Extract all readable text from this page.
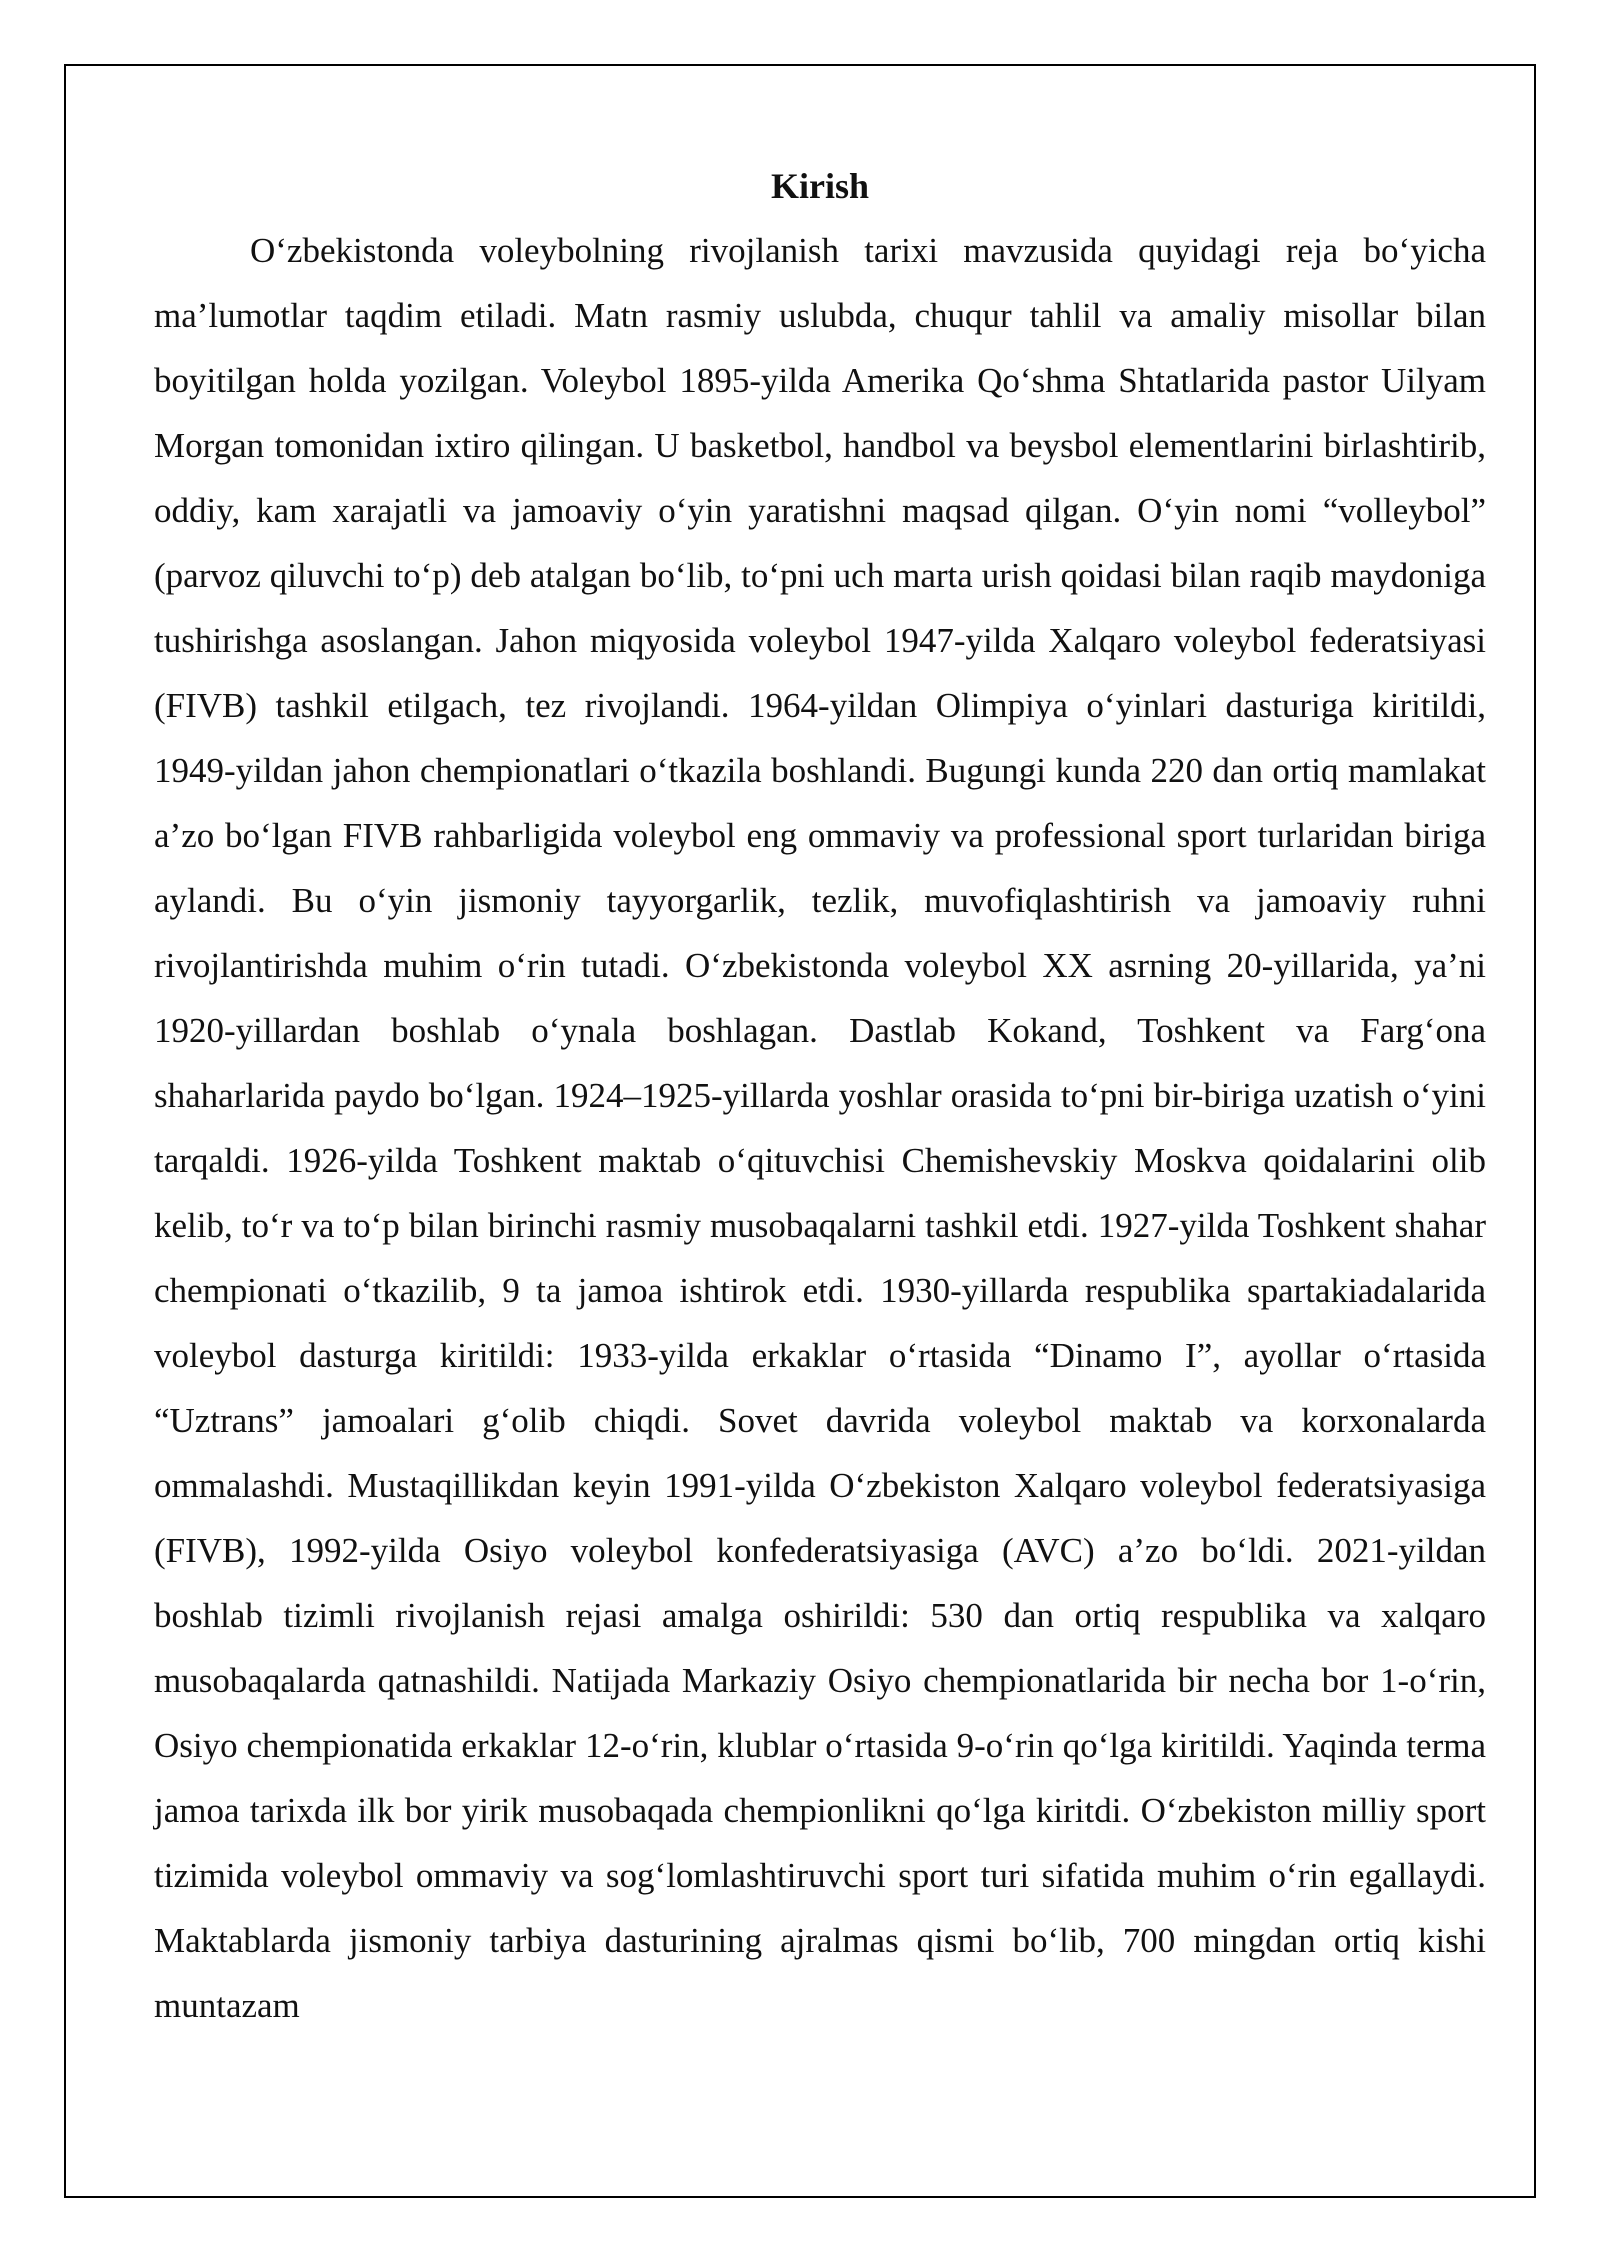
Kirish

O‘zbekistonda voleybolning rivojlanish tarixi mavzusida quyidagi reja bo‘yicha ma’lumotlar taqdim etiladi. Matn rasmiy uslubda, chuqur tahlil va amaliy misollar bilan boyitilgan holda yozilgan. Voleybol 1895-yilda Amerika Qo‘shma Shtatlarida pastor Uilyam Morgan tomonidan ixtiro qilingan. U basketbol, handbol va beysbol elementlarini birlashtirib, oddiy, kam xarajatli va jamoaviy o‘yin yaratishni maqsad qilgan. O‘yin nomi “volleybol” (parvoz qiluvchi to‘p) deb atalgan bo‘lib, to‘pni uch marta urish qoidasi bilan raqib maydoniga tushirishga asoslangan. Jahon miqyosida voleybol 1947-yilda Xalqaro voleybol federatsiyasi (FIVB) tashkil etilgach, tez rivojlandi. 1964-yildan Olimpiya o‘yinlari dasturiga kiritildi, 1949-yildan jahon chempionatlari o‘tkazila boshlandi. Bugungi kunda 220 dan ortiq mamlakat a’zo bo‘lgan FIVB rahbarligida voleybol eng ommaviy va professional sport turlaridan biriga aylandi. Bu o‘yin jismoniy tayyorgarlik, tezlik, muvofiqlashtirish va jamoaviy ruhni rivojlantirishda muhim o‘rin tutadi. O‘zbekistonda voleybol XX asrning 20-yillarida, ya’ni 1920-yillardan boshlab o‘ynala boshlagan. Dastlab Kokand, Toshkent va Farg‘ona shaharlarida paydo bo‘lgan. 1924–1925-yillarda yoshlar orasida to‘pni bir-biriga uzatish o‘yini tarqaldi. 1926-yilda Toshkent maktab o‘qituvchisi Chemishevskiy Moskva qoidalarini olib kelib, to‘r va to‘p bilan birinchi rasmiy musobaqalarni tashkil etdi. 1927-yilda Toshkent shahar chempionati o‘tkazilib, 9 ta jamoa ishtirok etdi. 1930-yillarda respublika spartakiadalarida voleybol dasturga kiritildi: 1933-yilda erkaklar o‘rtasida “Dinamo I”, ayollar o‘rtasida “Uztrans” jamoalari g‘olib chiqdi. Sovet davrida voleybol maktab va korxonalarda ommalashdi. Mustaqillikdan keyin 1991-yilda O‘zbekiston Xalqaro voleybol federatsiyasiga (FIVB), 1992-yilda Osiyo voleybol konfederatsiyasiga (AVC) a’zo bo‘ldi. 2021-yildan boshlab tizimli rivojlanish rejasi amalga oshirildi: 530 dan ortiq respublika va xalqaro musobaqalarda qatnashildi. Natijada Markaziy Osiyo chempionatlarida bir necha bor 1-o‘rin, Osiyo chempionatida erkaklar 12-o‘rin, klublar o‘rtasida 9-o‘rin qo‘lga kiritildi. Yaqinda terma jamoa tarixda ilk bor yirik musobaqada chempionlikni qo‘lga kiritdi. O‘zbekiston milliy sport tizimida voleybol ommaviy va sog‘lomlashtiruvchi sport turi sifatida muhim o‘rin egallaydi. Maktablarda jismoniy tarbiya dasturining ajralmas qismi bo‘lib, 700 mingdan ortiq kishi muntazam
